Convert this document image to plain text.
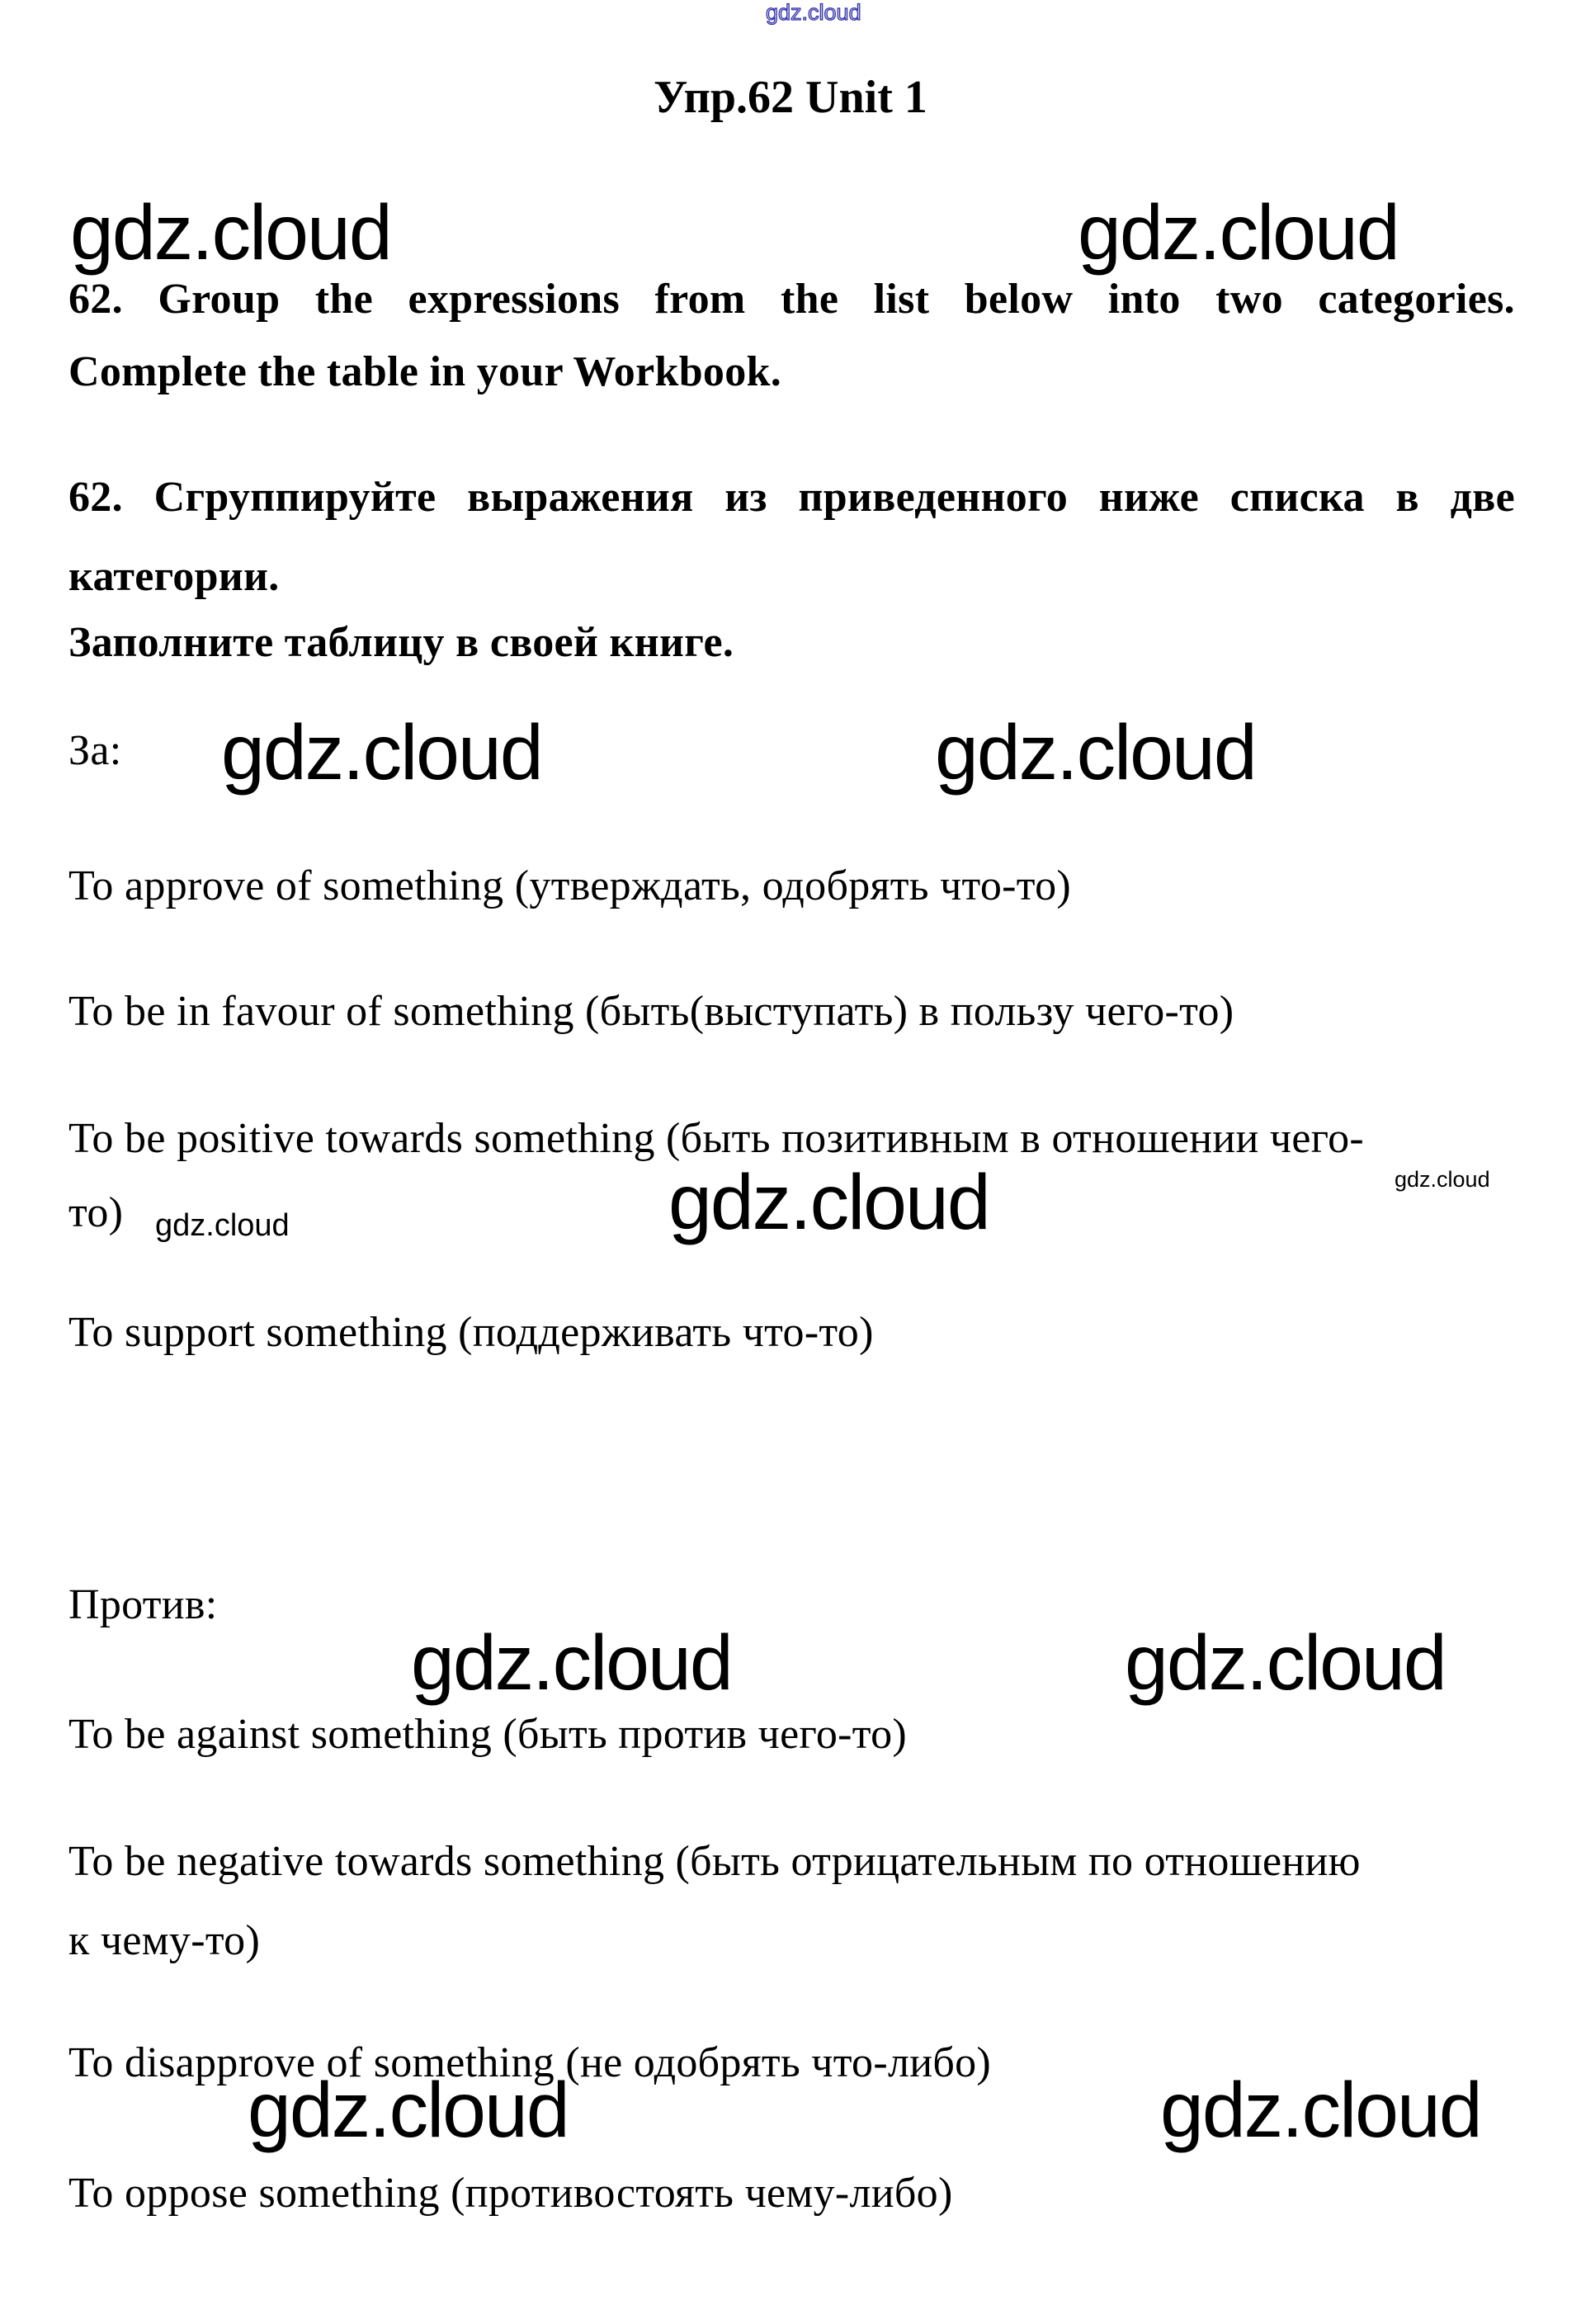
gdz.cloud
Упр.62 Unit 1
gdz.cloud	gdz.cloud
62. Group the expressions from the list below into two categories.
Complete the table in your Workbook.
62. Сгруппируйте выражения из приведенного ниже списка в две
категории.
Заполните таблицу в своей книге.
За: gdz.cloud	gdz.cloud
To approve of something (утверждать, одобрять что-то)
To be in favour of something (быть(выступать) в пользу чего-то)
To be positive towards something (быть позитивным в отношении чего-
gdz.cloud
то) gdz.cloud	gdz.cloud
To support something (поддерживать что-то)
Против:
gdz.cloud	gdz.cloud
To be against something (быть против чего-то)
To be negative towards something (быть отрицательным по отношению
к чему-то)
To disapprove of something (не одобрять что-либо)
gdz.cloud	gdz.cloud
To oppose something (противостоять чему-либо)
